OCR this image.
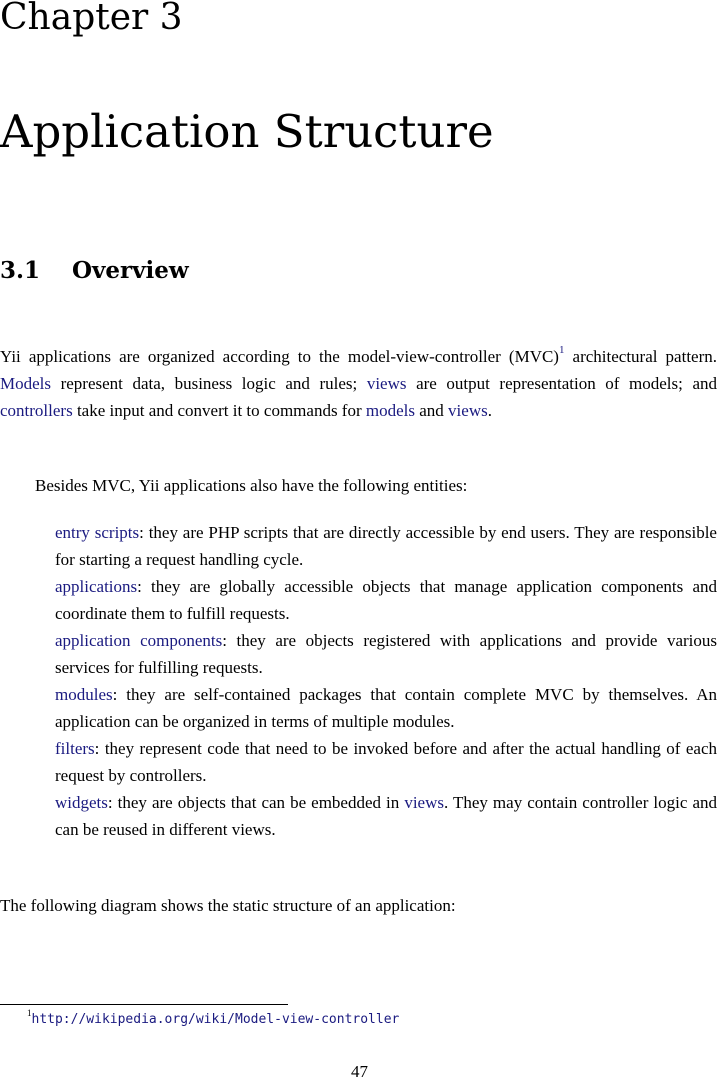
Chapter 3
Application Structure
3.1 Overview
Yii applications are organized according to the model-view-controller (MVC)$^1$ architectural pattern. Models represent data, business logic and rules; views are output representation of models; and controllers take input and convert it to commands for models and views.
Besides MVC, Yii applications also have the following entities:
entry scripts: they are PHP scripts that are directly accessible by end users. They are responsible for starting a request handling cycle.
applications: they are globally accessible objects that manage application components and coordinate them to fulfill requests.
application components: they are objects registered with applications and provide various services for fulfilling requests.
modules: they are self-contained packages that contain complete MVC by themselves. An application can be organized in terms of multiple modules.
filters: they represent code that need to be invoked before and after the actual handling of each request by controllers.
widgets: they are objects that can be embedded in views. They may contain controller logic and can be reused in different views.
The following diagram shows the static structure of an application:
$^1$http://wikipedia.org/wiki/Model-view-controller
47
